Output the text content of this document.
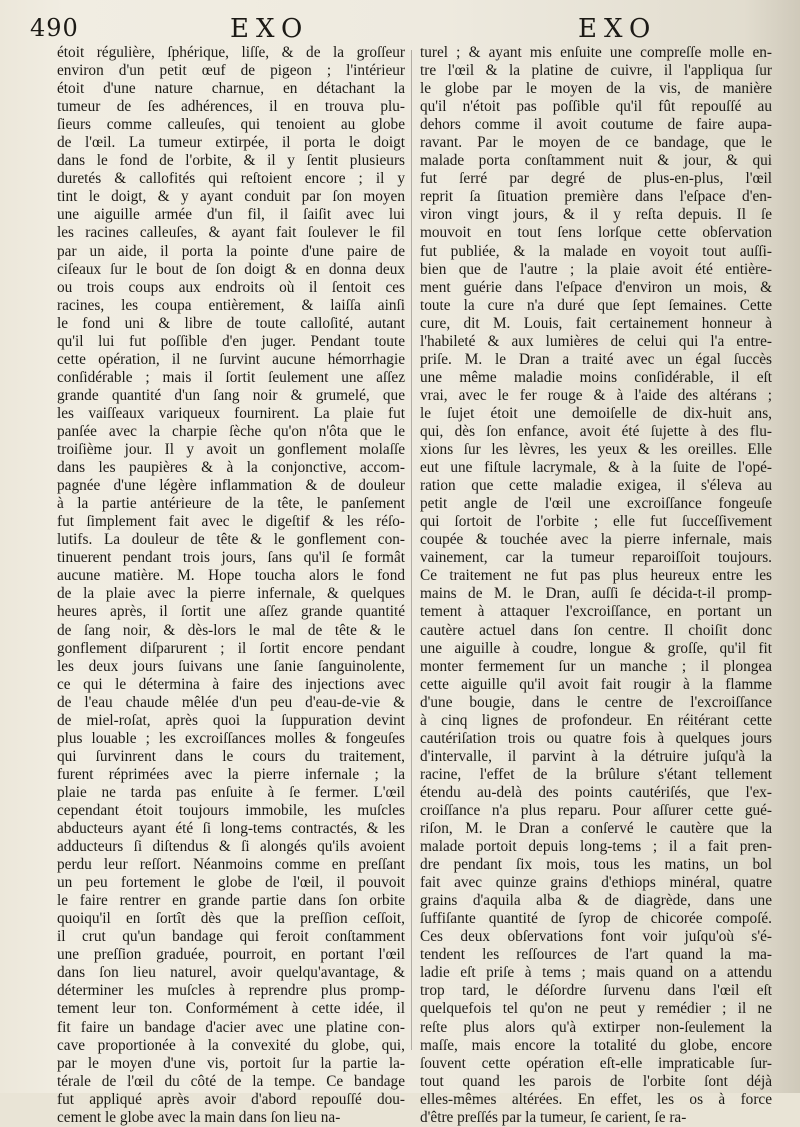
490	EXO	EXO
étoit régulière, ſphérique, liſſe, & de la groſſeur
environ d'un petit œuf de pigeon ; l'intérieur
étoit d'une nature charnue, en détachant la
tumeur de ſes adhérences, il en trouva plu-
ſieurs comme calleuſes, qui tenoient au globe
de l'œil. La tumeur extirpée, il porta le doigt
dans le fond de l'orbite, & il y ſentit plusieurs
duretés & callofités qui reſtoient encore ; il y
tint le doigt, & y ayant conduit par ſon moyen
une aiguille armée d'un fil, il ſaiſit avec lui
les racines calleuſes, & ayant fait ſoulever le fil
par un aide, il porta la pointe d'une paire de
ciſeaux ſur le bout de ſon doigt & en donna deux
ou trois coups aux endroits où il ſentoit ces
racines, les coupa entièrement, & laiſſa ainſi
le fond uni & libre de toute calloſité, autant
qu'il lui fut poſſible d'en juger. Pendant toute
cette opération, il ne ſurvint aucune hémorrhagie
conſidérable ; mais il ſortit ſeulement une aſſez
grande quantité d'un ſang noir & grumelé, que
les vaiſſeaux variqueux fournirent. La plaie fut
panſée avec la charpie ſèche qu'on n'ôta que le
troiſième jour. Il y avoit un gonflement molaſſe
dans les paupières & à la conjonctive, accom-
pagnée d'une légère inflammation & de douleur
à la partie antérieure de la tête, le panſement
fut ſimplement fait avec le digeſtif & les réſo-
lutifs. La douleur de tête & le gonflement con-
tinuerent pendant trois jours, ſans qu'il ſe formât
aucune matière. M. Hope toucha alors le fond
de la plaie avec la pierre infernale, & quelques
heures après, il ſortit une aſſez grande quantité
de ſang noir, & dès-lors le mal de tête & le
gonflement diſparurent ; il ſortit encore pendant
les deux jours ſuivans une ſanie ſanguinolente,
ce qui le détermina à faire des injections avec
de l'eau chaude mêlée d'un peu d'eau-de-vie &
de miel-roſat, après quoi la ſuppuration devint
plus louable ; les excroiſſances molles & fongeuſes
qui ſurvinrent dans le cours du traitement,
furent réprimées avec la pierre infernale ; la
plaie ne tarda pas enſuite à ſe fermer. L'œil
cependant étoit toujours immobile, les muſcles
abducteurs ayant été ſi long-tems contractés, & les
adducteurs ſi diſtendus & ſi alongés qu'ils avoient
perdu leur reſſort. Néanmoins comme en preſſant
un peu fortement le globe de l'œil, il pouvoit
le faire rentrer en grande partie dans ſon orbite
quoiqu'il en ſortît dès que la preſſion ceſſoit,
il crut qu'un bandage qui feroit conſtamment
une preſſion graduée, pourroit, en portant l'œil
dans ſon lieu naturel, avoir quelqu'avantage, &
déterminer les muſcles à reprendre plus promp-
tement leur ton. Conformément à cette idée, il
fit faire un bandage d'acier avec une platine con-
cave proportionée à la convexité du globe, qui,
par le moyen d'une vis, portoit ſur la partie la-
térale de l'œil du côté de la tempe. Ce bandage
fut appliqué après avoir d'abord repouſſé dou-
cement le globe avec la main dans ſon lieu na-
turel ; & ayant mis enſuite une compreſſe molle en-
tre l'œil & la platine de cuivre, il l'appliqua ſur
le globe par le moyen de la vis, de manière
qu'il n'étoit pas poſſible qu'il fût repouſſé au
dehors comme il avoit coutume de faire aupa-
ravant. Par le moyen de ce bandage, que le
malade porta conſtamment nuit & jour, & qui
fut ſerré par degré de plus-en-plus, l'œil
reprit ſa ſituation première dans l'eſpace d'en-
viron vingt jours, & il y reſta depuis. Il ſe
mouvoit en tout ſens lorſque cette obſervation
fut publiée, & la malade en voyoit tout auſſi-
bien que de l'autre ; la plaie avoit été entière-
ment guérie dans l'eſpace d'environ un mois, &
toute la cure n'a duré que ſept ſemaines. Cette
cure, dit M. Louis, fait certainement honneur à
l'habileté & aux lumières de celui qui l'a entre-
priſe. M. le Dran a traité avec un égal ſuccès
une même maladie moins conſidérable, il eſt
vrai, avec le fer rouge & à l'aide des altérans ;
le ſujet étoit une demoiſelle de dix-huit ans,
qui, dès ſon enfance, avoit été ſujette à des flu-
xions ſur les lèvres, les yeux & les oreilles. Elle
eut une fiſtule lacrymale, & à la ſuite de l'opé-
ration que cette maladie exigea, il s'éleva au
petit angle de l'œil une excroiſſance fongeuſe
qui ſortoit de l'orbite ; elle fut ſucceſſivement
coupée & touchée avec la pierre infernale, mais
vainement, car la tumeur reparoiſſoit toujours.
Ce traitement ne fut pas plus heureux entre les
mains de M. le Dran, auſſi ſe décida-t-il promp-
tement à attaquer l'excroiſſance, en portant un
cautère actuel dans ſon centre. Il choiſit donc
une aiguille à coudre, longue & groſſe, qu'il fit
monter fermement ſur un manche ; il plongea
cette aiguille qu'il avoit fait rougir à la flamme
d'une bougie, dans le centre de l'excroiſſance
à cinq lignes de profondeur. En réitérant cette
cautériſation trois ou quatre fois à quelques jours
d'intervalle, il parvint à la détruire juſqu'à la
racine, l'effet de la brûlure s'étant tellement
étendu au-delà des points cautériſés, que l'ex-
croiſſance n'a plus reparu. Pour aſſurer cette gué-
riſon, M. le Dran a conſervé le cautère que la
malade portoit depuis long-tems ; il a fait pren-
dre pendant ſix mois, tous les matins, un bol
fait avec quinze grains d'ethiops minéral, quatre
grains d'aquila alba & de diagrède, dans une
ſuffiſante quantité de ſyrop de chicorée compoſé.
Ces deux obſervations font voir juſqu'où s'é-
tendent les reſſources de l'art quand la ma-
ladie eſt priſe à tems ; mais quand on a attendu
trop tard, le déſordre ſurvenu dans l'œil eſt
quelquefois tel qu'on ne peut y remédier ; il ne
reſte plus alors qu'à extirper non-ſeulement la
maſſe, mais encore la totalité du globe, encore
ſouvent cette opération eſt-elle impraticable ſur-
tout quand les parois de l'orbite ſont déjà
elles-mêmes altérées. En effet, les os à force
d'être preſſés par la tumeur, ſe carient, ſe ra-
